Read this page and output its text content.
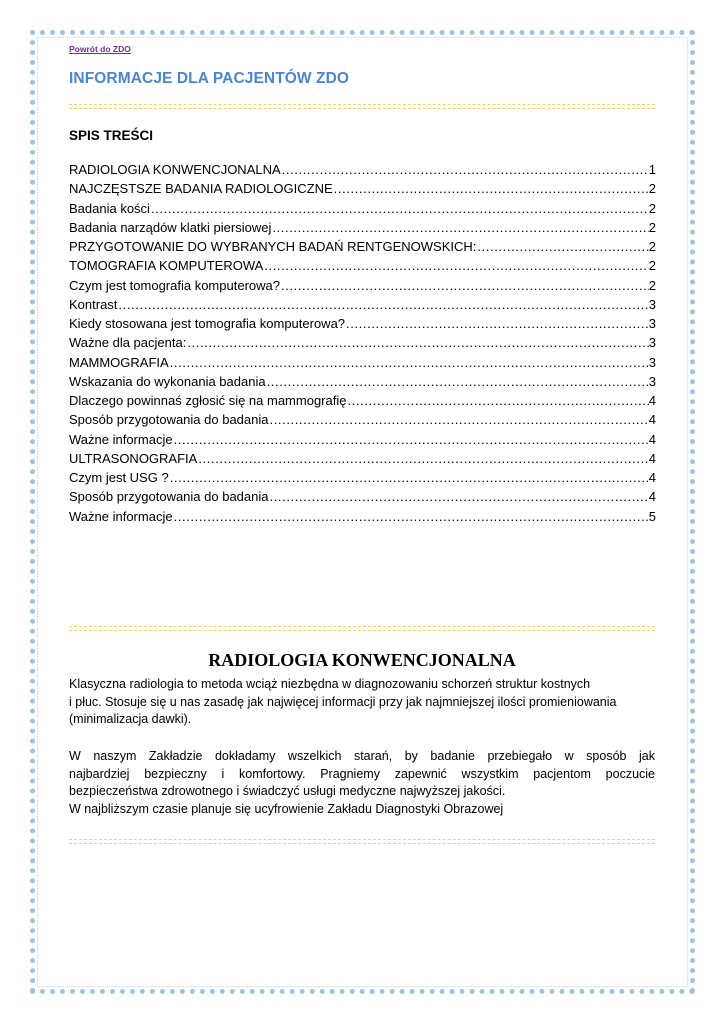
Powrót do ZDO
INFORMACJE DLA PACJENTÓW ZDO
SPIS TREŚCI
RADIOLOGIA KONWENCJONALNA .....	1
NAJCZĘSTSZE BADANIA RADIOLOGICZNE .....	2
Badania kości .....	2
Badania narządów klatki piersiowej .....	2
PRZYGOTOWANIE DO WYBRANYCH BADAŃ RENTGENOWSKICH: .....	2
TOMOGRAFIA KOMPUTEROWA .....	2
Czym jest tomografia komputerowa? .....	2
Kontrast .....	3
Kiedy stosowana jest tomografia komputerowa? .....	3
Ważne dla pacjenta: .....	3
MAMMOGRAFIA .....	3
Wskazania do wykonania badania .....	3
Dlaczego powinnaś zgłosić się na mammografię .....	4
Sposób przygotowania do badania .....	4
Ważne informacje .....	4
ULTRASONOGRAFIA .....	4
Czym jest USG ? .....	4
Sposób przygotowania do badania .....	4
Ważne informacje .....	5
RADIOLOGIA KONWENCJONALNA
Klasyczna radiologia to metoda wciąż niezbędna w diagnozowaniu schorzeń struktur kostnych
i płuc. Stosuje się u nas zasadę jak najwięcej informacji przy jak najmniejszej ilości promieniowania
(minimalizacja dawki).
W naszym Zakładzie dokładamy wszelkich starań, by badanie przebiegało w sposób jak
najbardziej bezpieczny i komfortowy. Pragniemy zapewnić wszystkim pacjentom poczucie
bezpieczeństwa zdrowotnego i świadczyć usługi medyczne najwyższej jakości.
W najbliższym czasie planuje się ucyfrowienie Zakładu Diagnostyki Obrazowej
